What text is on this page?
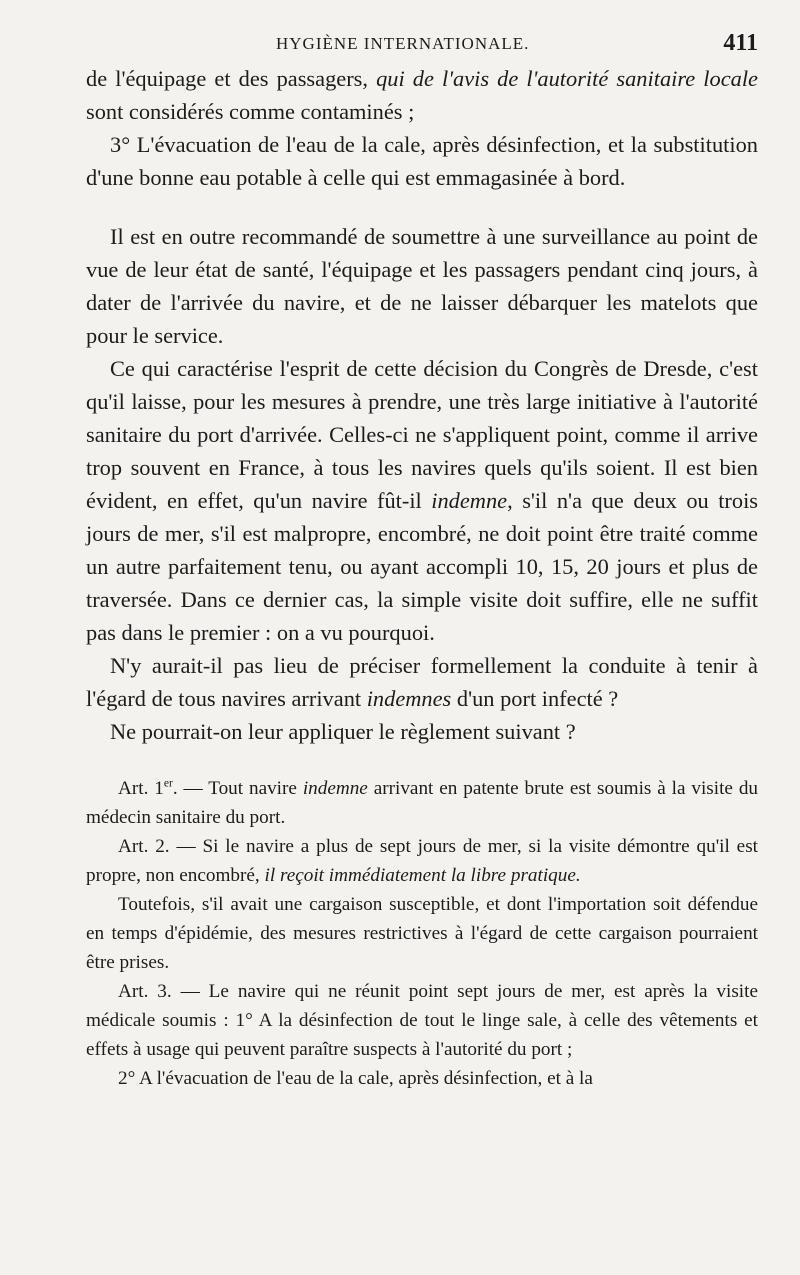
HYGIÈNE INTERNATIONALE.	411

de l'équipage et des passagers, qui de l'avis de l'autorité sanitaire locale sont considérés comme contaminés ;

3° L'évacuation de l'eau de la cale, après désinfection, et la substitution d'une bonne eau potable à celle qui est emmagasinée à bord.

Il est en outre recommandé de soumettre à une surveillance au point de vue de leur état de santé, l'équipage et les passagers pendant cinq jours, à dater de l'arrivée du navire, et de ne laisser débarquer les matelots que pour le service.

Ce qui caractérise l'esprit de cette décision du Congrès de Dresde, c'est qu'il laisse, pour les mesures à prendre, une très large initiative à l'autorité sanitaire du port d'arrivée. Celles-ci ne s'appliquent point, comme il arrive trop souvent en France, à tous les navires quels qu'ils soient. Il est bien évident, en effet, qu'un navire fût-il indemne, s'il n'a que deux ou trois jours de mer, s'il est malpropre, encombré, ne doit point être traité comme un autre parfaitement tenu, ou ayant accompli 10, 15, 20 jours et plus de traversée. Dans ce dernier cas, la simple visite doit suffire, elle ne suffit pas dans le premier : on a vu pourquoi.

N'y aurait-il pas lieu de préciser formellement la conduite à tenir à l'égard de tous navires arrivant indemnes d'un port infecté ?

Ne pourrait-on leur appliquer le règlement suivant ?

Art. 1er. — Tout navire indemne arrivant en patente brute est soumis à la visite du médecin sanitaire du port.

Art. 2. — Si le navire a plus de sept jours de mer, si la visite démontre qu'il est propre, non encombré, il reçoit immédiatement la libre pratique.

Toutefois, s'il avait une cargaison susceptible, et dont l'importation soit défendue en temps d'épidémie, des mesures restrictives à l'égard de cette cargaison pourraient être prises.

Art. 3. — Le navire qui ne réunit point sept jours de mer, est après la visite médicale soumis : 1° A la désinfection de tout le linge sale, à celle des vêtements et effets à usage qui peuvent paraître suspects à l'autorité du port ;

2° A l'évacuation de l'eau de la cale, après désinfection, et à la
